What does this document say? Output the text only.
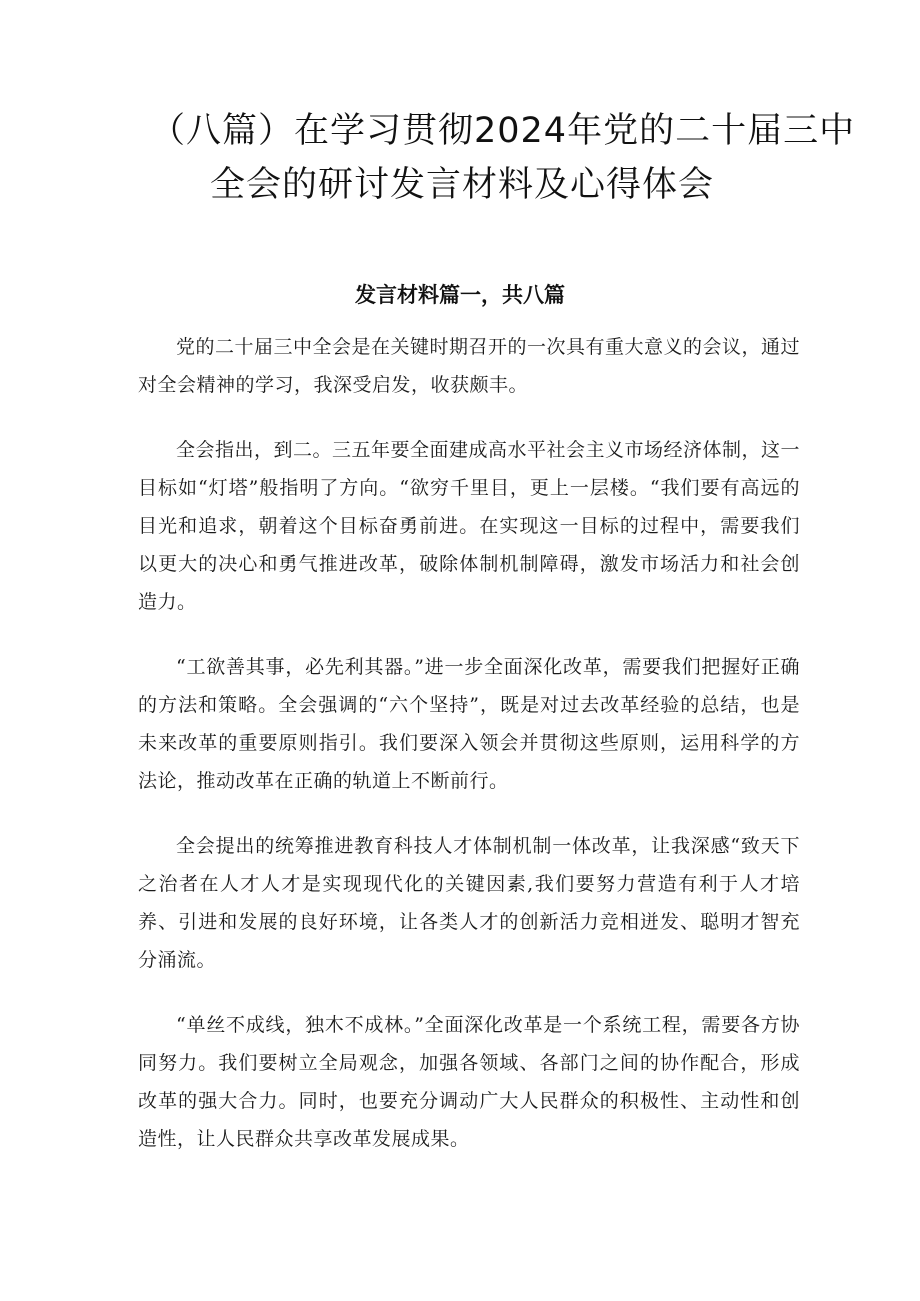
（八篇）在学习贯彻2024年党的二十届三中
全会的研讨发言材料及心得体会
发言材料篇一，共八篇

党的二十届三中全会是在关键时期召开的一次具有重大意义的会议，通过对全会精神的学习，我深受启发，收获颇丰。

全会指出，到二。三五年要全面建成高水平社会主义市场经济体制，这一目标如“灯塔”般指明了方向。“欲穷千里目，更上一层楼。“我们要有高远的目光和追求，朝着这个目标奋勇前进。在实现这一目标的过程中，需要我们以更大的决心和勇气推进改革，破除体制机制障碍，激发市场活力和社会创造力。

“工欲善其事，必先利其器。”进一步全面深化改革，需要我们把握好正确的方法和策略。全会强调的“六个坚持”，既是对过去改革经验的总结，也是未来改革的重要原则指引。我们要深入领会并贯彻这些原则，运用科学的方法论，推动改革在正确的轨道上不断前行。

全会提出的统筹推进教育科技人才体制机制一体改革，让我深感“致天下之治者在人才人才是实现现代化的关键因素,我们要努力营造有利于人才培养、引进和发展的良好环境，让各类人才的创新活力竞相迸发、聪明才智充分涌流。

“单丝不成线，独木不成林。”全面深化改革是一个系统工程，需要各方协同努力。我们要树立全局观念，加强各领域、各部门之间的协作配合，形成改革的强大合力。同时，也要充分调动广大人民群众的积极性、主动性和创造性，让人民群众共享改革发展成果。
